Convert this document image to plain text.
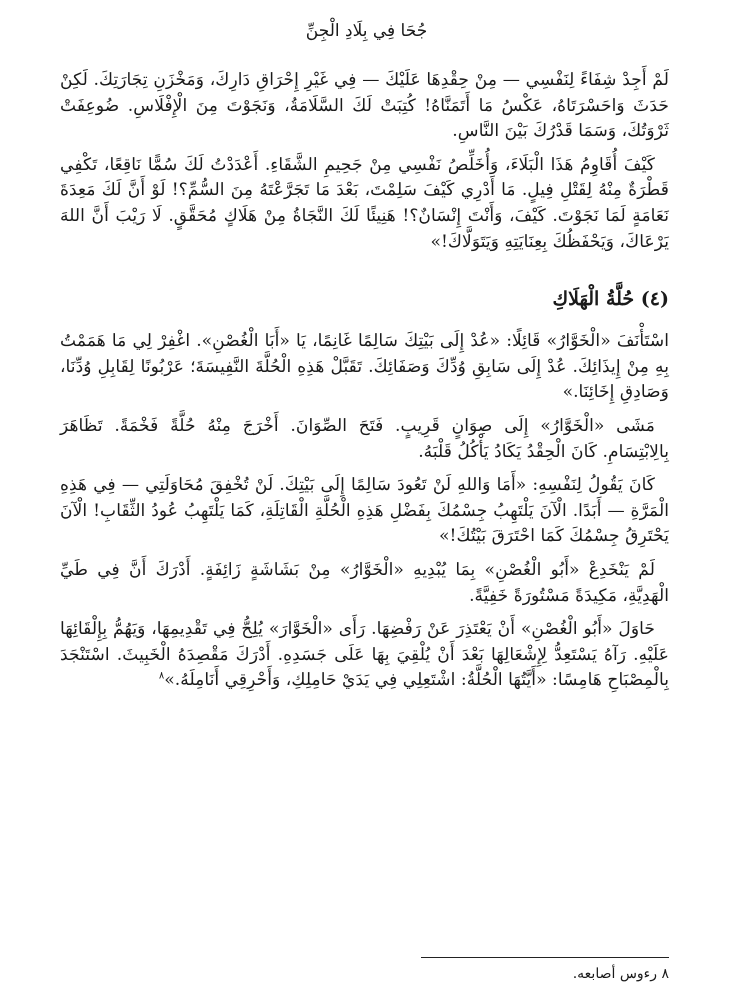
جُحَا فِي بِلَادِ الْجِنِّ

لَمْ أَجِدْ شِفَاءً لِنَفْسِي — مِنْ حِقْدِهَا عَلَيْكَ — فِي غَيْرِ إِحْرَاقِ دَارِكَ، وَمَخْزَنِ تِجَارَتِكَ. لَكِنْ حَدَثَ وَاحَسْرَتَاهُ، عَكْسُ مَا أَتَمَنَّاهُ! كُتِبَتْ لَكَ السَّلَامَةُ، وَنَجَوْتَ مِنَ الْإِفْلَاسِ. ضُوعِفَتْ ثَرْوَتُكَ، وَسَمَا قَدْرُكَ بَيْنَ النَّاسِ.

كَيْفَ أُقَاوِمُ هَذَا الْبَلَاءَ، وَأُخَلِّصُ نَفْسِي مِنْ جَحِيمِ الشَّقَاءِ. أَعْدَدْتُ لَكَ سُمًّا نَاقِعًا، تَكْفِي قَطْرَةٌ مِنْهُ لِقَتْلِ فِيلٍ. مَا أَدْرِي كَيْفَ سَلِمْتَ، بَعْدَ مَا تَجَرَّعْتَهُ مِنَ السُّمِّ؟! لَوْ أَنَّ لَكَ مَعِدَةَ نَعَامَةٍ لَمَا نَجَوْتَ. كَيْفَ، وَأَنْتَ إِنْسَانٌ؟! هَنِيئًا لَكَ النَّجَاةُ مِنْ هَلَاكٍ مُحَقَّقٍ. لَا رَيْبَ أَنَّ اللهَ يَرْعَاكَ، وَيَحْفَظُكَ بِعِنَايَتِهِ وَيَتَوَلَّاكَ!»

(٤) حُلَّةُ الْهَلَاكِ

اسْتَأْنَفَ «الْخَوَّارُ» قَائِلًا: «عُدْ إِلَى بَيْتِكَ سَالِمًا غَانِمًا، يَا «أَبَا الْغُصْنِ». اغْفِرْ لِي مَا هَمَمْتُ بِهِ مِنْ إِيذَائِكَ. عُدْ إِلَى سَابِقِ وُدِّكَ وَصَفَائِكَ. تَقَبَّلْ هَذِهِ الْحُلَّةَ النَّفِيسَةَ؛ عَرْبُونًا لِقَابِلِ وُدِّنَا، وَصَادِقِ إِخَائِنَا.»

مَشَى «الْخَوَّارُ» إِلَى صِوَانٍ قَرِيبٍ. فَتَحَ الصِّوَانَ. أَخْرَجَ مِنْهُ حُلَّةً فَخْمَةً. تَظَاهَرَ بِالِابْتِسَامِ. كَانَ الْحِقْدُ يَكَادُ يَأْكُلُ قَلْبَهُ.

كَانَ يَقُولُ لِنَفْسِهِ: «أَمَا وَاللهِ لَنْ تَعُودَ سَالِمًا إِلَى بَيْتِكَ. لَنْ تُخْفِقَ مُحَاوَلَتِي — فِي هَذِهِ الْمَرَّةِ — أَبَدًا. الْآنَ يَلْتَهِبُ جِسْمُكَ بِفَضْلِ هَذِهِ الْحُلَّةِ الْقَاتِلَةِ، كَمَا يَلْتَهِبُ عُودُ الثِّقَابِ! الْآنَ يَحْتَرِقُ جِسْمُكَ كَمَا احْتَرَقَ بَيْتُكَ!»

لَمْ يَنْخَدِعْ «أَبُو الْغُصْنِ» بِمَا يُبْدِيهِ «الْخَوَّارُ» مِنْ بَشَاشَةٍ زَائِفَةٍ. أَدْرَكَ أَنَّ فِي طَيِّ الْهَدِيَّةِ، مَكِيدَةً مَسْتُورَةً خَفِيَّةً.

حَاوَلَ «أَبُو الْغُصْنِ» أَنْ يَعْتَذِرَ عَنْ رَفْضِهَا. رَأَى «الْخَوَّارَ» يُلِحُّ فِي تَقْدِيمِهَا، وَيَهُمُّ بِإِلْقَائِهَا عَلَيْهِ. رَآهُ يَسْتَعِدُّ لِإِشْعَالِهَا بَعْدَ أَنْ يُلْقِيَ بِهَا عَلَى جَسَدِهِ. أَدْرَكَ مَقْصِدَهُ الْخَبِيثَ. اسْتَنْجَدَ بِالْمِصْبَاحِ هَامِسًا: «أَيَّتُهَا الْحُلَّةُ: اشْتَعِلِي فِي يَدَيْ حَامِلِكِ، وَأَحْرِقِي أَنَامِلَهُ.»$^٨$

٨ رءوس أصابعه.
